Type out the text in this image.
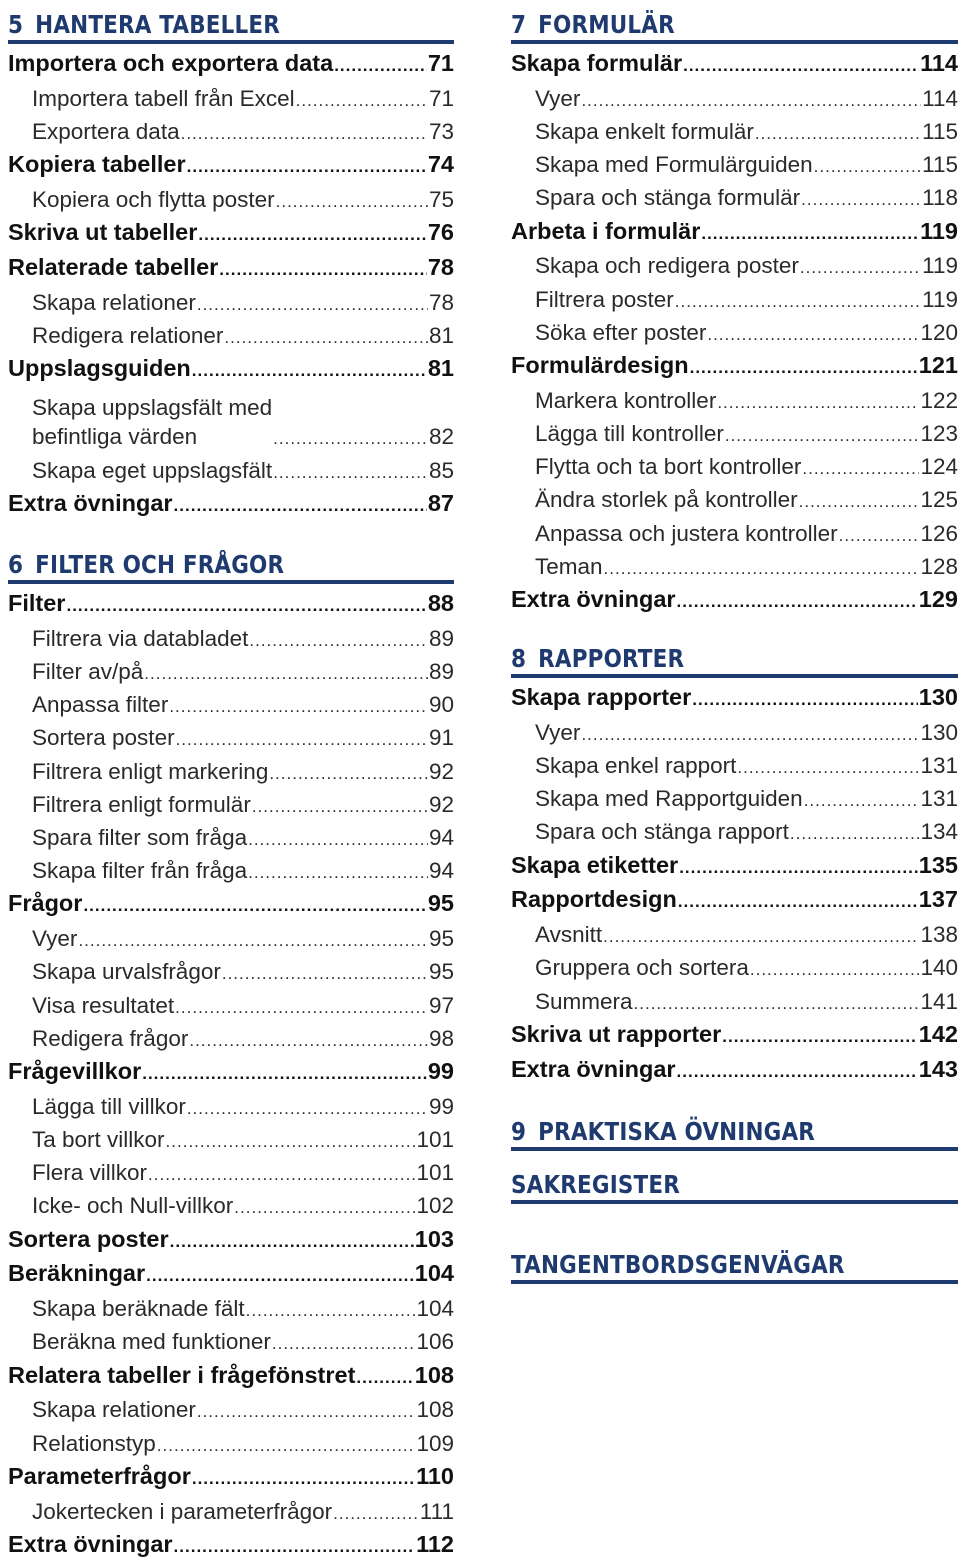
5 HANTERA TABELLER
Importera och exportera data .....	71
Importera tabell från Excel .....	71
Exportera data .....	73
Kopiera tabeller .....	74
Kopiera och flytta poster .....	75
Skriva ut tabeller .....	76
Relaterade tabeller .....	78
Skapa relationer .....	78
Redigera relationer .....	81
Uppslagsguiden .....	81
Skapa uppslagsfält med
befintliga värden .....	82
Skapa eget uppslagsfält .....	85
Extra övningar .....	87
6 FILTER OCH FRÅGOR
Filter .....	88
Filtrera via databladet .....	89
Filter av/på .....	89
Anpassa filter .....	90
Sortera poster .....	91
Filtrera enligt markering .....	92
Filtrera enligt formulär .....	92
Spara filter som fråga .....	94
Skapa filter från fråga .....	94
Frågor .....	95
Vyer .....	95
Skapa urvalsfrågor .....	95
Visa resultatet .....	97
Redigera frågor .....	98
Frågevillkor .....	99
Lägga till villkor .....	99
Ta bort villkor .....	101
Flera villkor .....	101
Icke- och Null-villkor .....	102
Sortera poster .....	103
Beräkningar .....	104
Skapa beräknade fält .....	104
Beräkna med funktioner .....	106
Relatera tabeller i frågefönstret .....	108
Skapa relationer .....	108
Relationstyp .....	109
Parameterfrågor .....	110
Jokertecken i parameterfrågor .....	111
Extra övningar .....	112
7 FORMULÄR
Skapa formulär .....	114
Vyer .....	114
Skapa enkelt formulär .....	115
Skapa med Formulärguiden .....	115
Spara och stänga formulär .....	118
Arbeta i formulär .....	119
Skapa och redigera poster .....	119
Filtrera poster .....	119
Söka efter poster .....	120
Formulärdesign .....	121
Markera kontroller .....	122
Lägga till kontroller .....	123
Flytta och ta bort kontroller .....	124
Ändra storlek på kontroller .....	125
Anpassa och justera kontroller .....	126
Teman .....	128
Extra övningar .....	129
8 RAPPORTER
Skapa rapporter .....	130
Vyer .....	130
Skapa enkel rapport .....	131
Skapa med Rapportguiden .....	131
Spara och stänga rapport .....	134
Skapa etiketter .....	135
Rapportdesign .....	137
Avsnitt .....	138
Gruppera och sortera .....	140
Summera .....	141
Skriva ut rapporter .....	142
Extra övningar .....	143
9 PRAKTISKA ÖVNINGAR
SAKREGISTER
TANGENTBORDSGENVÄGAR
